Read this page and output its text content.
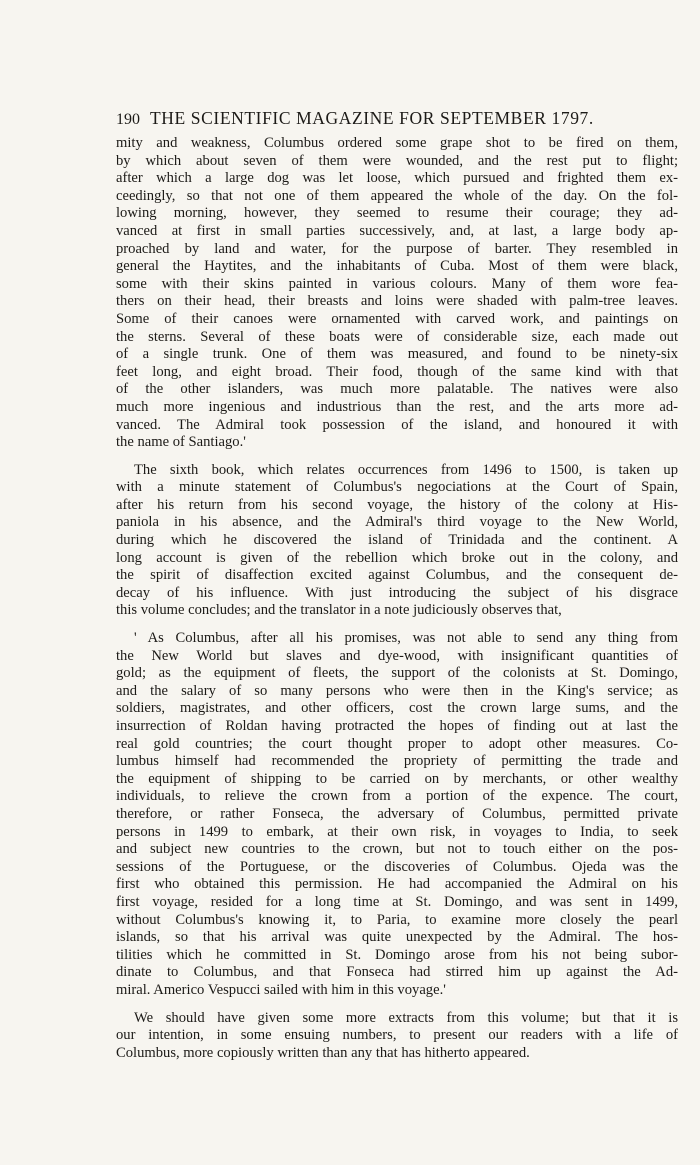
190 THE SCIENTIFIC MAGAZINE FOR SEPTEMBER 1797.
mity and weakness, Columbus ordered some grape shot to be fired on them,
by which about seven of them were wounded, and the rest put to flight;
after which a large dog was let loose, which pursued and frighted them ex-
ceedingly, so that not one of them appeared the whole of the day. On the fol-
lowing morning, however, they seemed to resume their courage; they ad-
vanced at first in small parties successively, and, at last, a large body ap-
proached by land and water, for the purpose of barter. They resembled in
general the Haytites, and the inhabitants of Cuba. Most of them were black,
some with their skins painted in various colours. Many of them wore fea-
thers on their head, their breasts and loins were shaded with palm-tree leaves.
Some of their canoes were ornamented with carved work, and paintings on
the sterns. Several of these boats were of considerable size, each made out
of a single trunk. One of them was measured, and found to be ninety-six
feet long, and eight broad. Their food, though of the same kind with that
of the other islanders, was much more palatable. The natives were also
much more ingenious and industrious than the rest, and the arts more ad-
vanced. The Admiral took possession of the island, and honoured it with
the name of Santiago.'
The sixth book, which relates occurrences from 1496 to 1500, is taken up
with a minute statement of Columbus's negociations at the Court of Spain,
after his return from his second voyage, the history of the colony at His-
paniola in his absence, and the Admiral's third voyage to the New World,
during which he discovered the island of Trinidada and the continent. A
long account is given of the rebellion which broke out in the colony, and
the spirit of disaffection excited against Columbus, and the consequent de-
decay of his influence. With just introducing the subject of his disgrace
this volume concludes; and the translator in a note judiciously observes that,
' As Columbus, after all his promises, was not able to send any thing from
the New World but slaves and dye-wood, with insignificant quantities of
gold; as the equipment of fleets, the support of the colonists at St. Domingo,
and the salary of so many persons who were then in the King's service; as
soldiers, magistrates, and other officers, cost the crown large sums, and the
insurrection of Roldan having protracted the hopes of finding out at last the
real gold countries; the court thought proper to adopt other measures. Co-
lumbus himself had recommended the propriety of permitting the trade and
the equipment of shipping to be carried on by merchants, or other wealthy
individuals, to relieve the crown from a portion of the expence. The court,
therefore, or rather Fonseca, the adversary of Columbus, permitted private
persons in 1499 to embark, at their own risk, in voyages to India, to seek
and subject new countries to the crown, but not to touch either on the pos-
sessions of the Portuguese, or the discoveries of Columbus. Ojeda was the
first who obtained this permission. He had accompanied the Admiral on his
first voyage, resided for a long time at St. Domingo, and was sent in 1499,
without Columbus's knowing it, to Paria, to examine more closely the pearl
islands, so that his arrival was quite unexpected by the Admiral. The hos-
tilities which he committed in St. Domingo arose from his not being subor-
dinate to Columbus, and that Fonseca had stirred him up against the Ad-
miral. Americo Vespucci sailed with him in this voyage.'
We should have given some more extracts from this volume; but that it is
our intention, in some ensuing numbers, to present our readers with a life of
Columbus, more copiously written than any that has hitherto appeared.
